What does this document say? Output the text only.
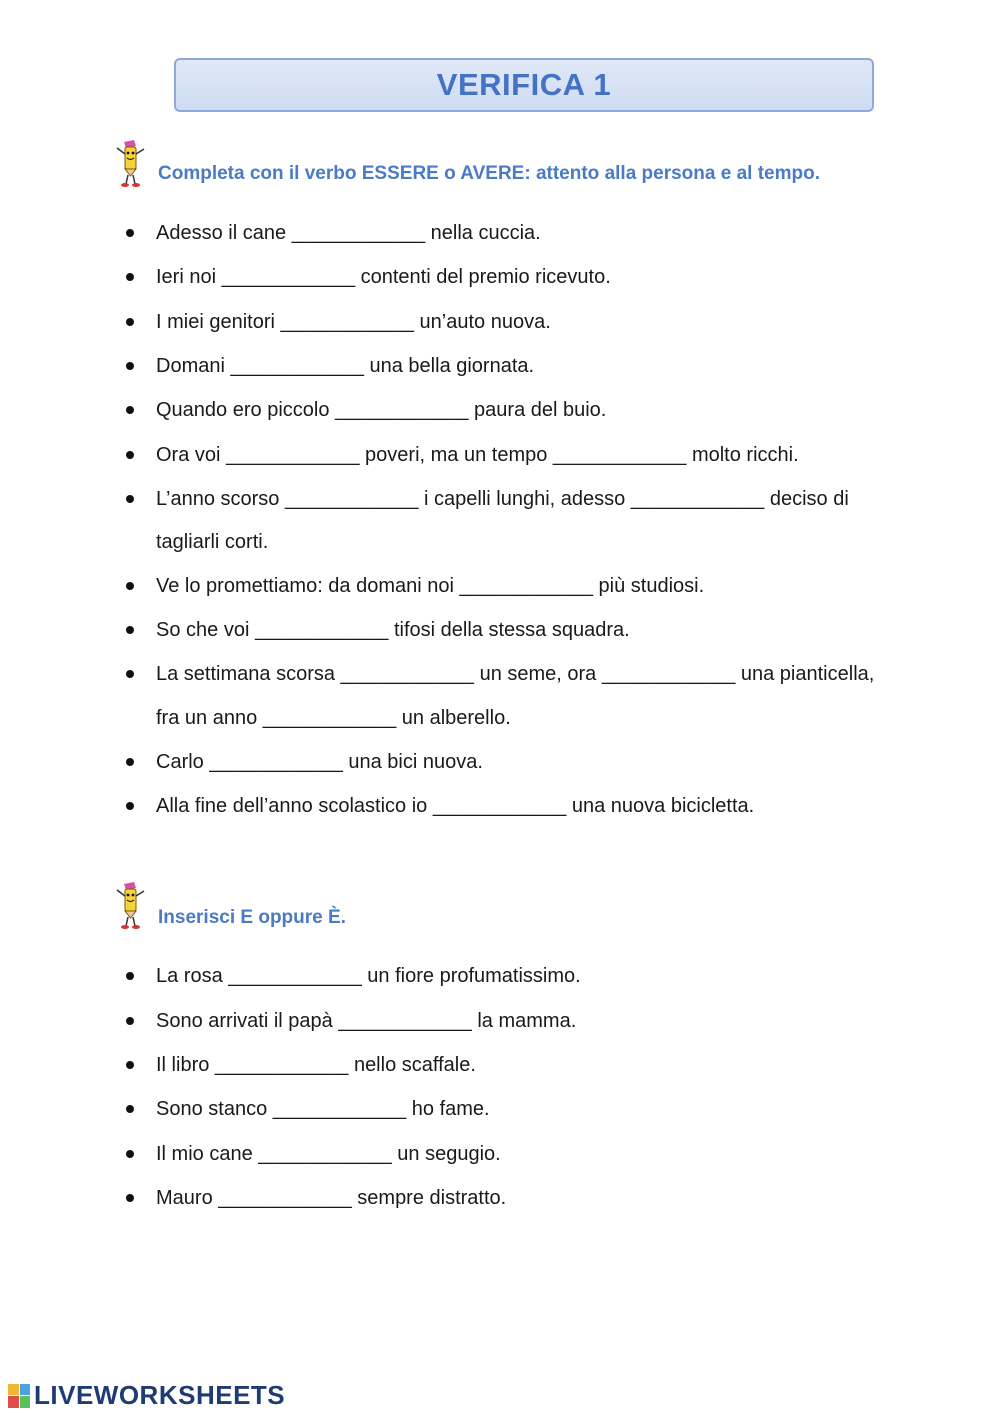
VERIFICA 1
Completa con il verbo ESSERE o AVERE: attento alla persona e al tempo.
Adesso il cane ____________ nella cuccia.
Ieri noi ____________ contenti del premio ricevuto.
I miei genitori ____________ un’auto nuova.
Domani ____________ una bella giornata.
Quando ero piccolo ____________ paura del buio.
Ora voi ____________ poveri, ma un tempo ____________ molto ricchi.
L’anno scorso ____________ i capelli lunghi, adesso ____________ deciso di
tagliarli corti.
Ve lo promettiamo: da domani noi ____________ più studiosi.
So che voi ____________ tifosi della stessa squadra.
La settimana scorsa ____________ un seme, ora ____________ una pianticella,
fra un anno ____________ un alberello.
Carlo ____________ una bici nuova.
Alla fine dell’anno scolastico io ____________ una nuova bicicletta.
Inserisci E oppure È.
La rosa ____________ un fiore profumatissimo.
Sono arrivati il papà ____________ la mamma.
Il libro ____________ nello scaffale.
Sono stanco ____________ ho fame.
Il mio cane ____________ un segugio.
Mauro ____________ sempre distratto.
LIVEWORKSHEETS
